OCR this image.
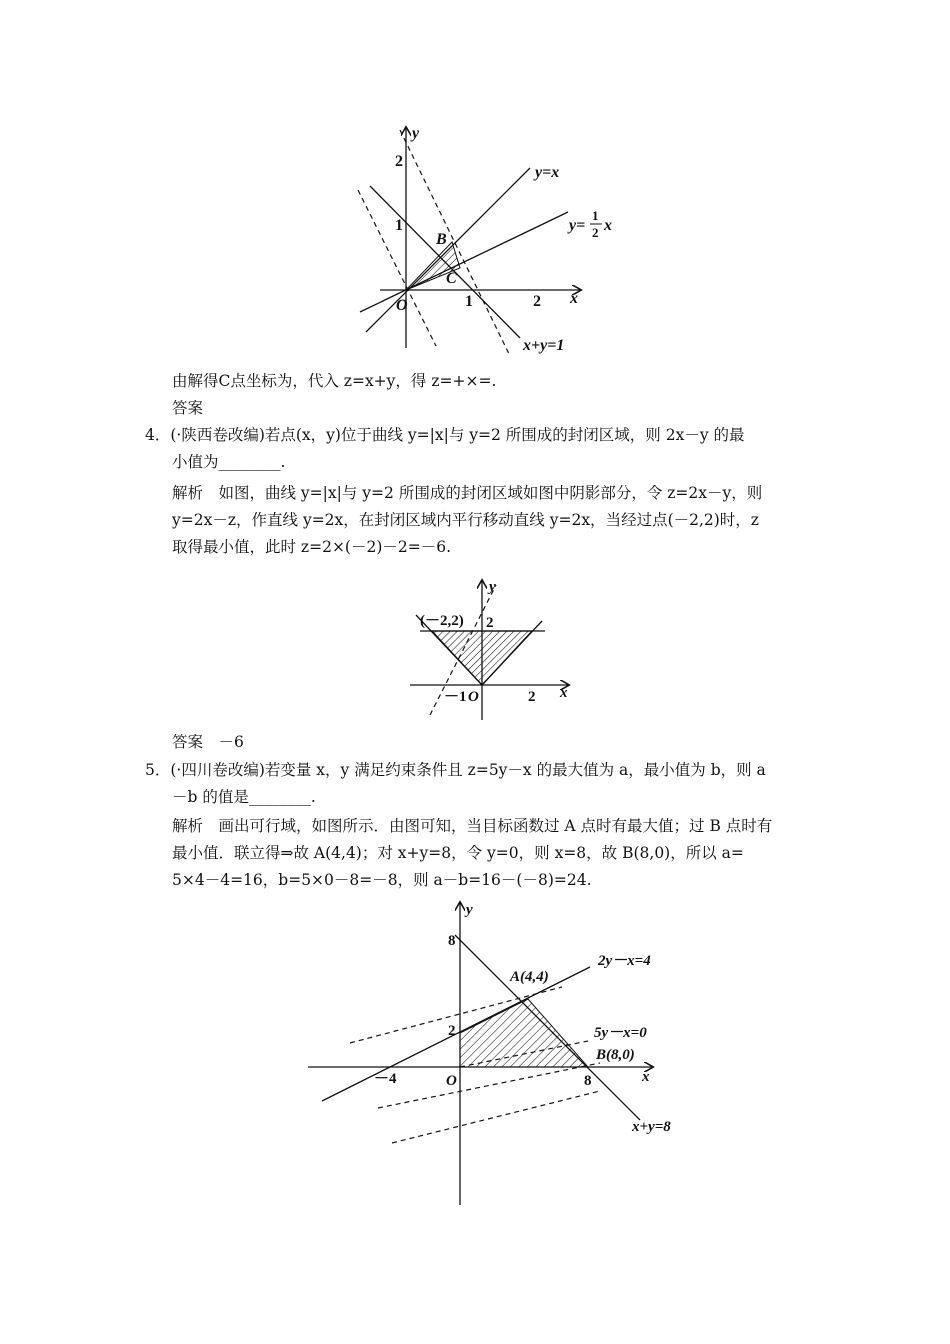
y
2
1
O	1	2 x
B
C
y=x
y=
1
2 x
x+y=1
由解得C点坐标为，代入 z=x+y，得 z=+×=.
答案
4．(·陕西卷改编)若点(x，y)位于曲线 y=|x|与 y=2 所围成的封闭区域，则 2x－y 的最
小值为________.
解析　如图，曲线 y=|x|与 y=2 所围成的封闭区域如图中阴影部分，令 z=2x－y，则
y=2x－z，作直线 y=2x，在封闭区域内平行移动直线 y=2x，当经过点(－2,2)时，z
取得最小值，此时 z=2×(－2)－2=－6.
y
(－2,2) 2
－1 O	2 x
答案　－6
5．(·四川卷改编)若变量 x，y 满足约束条件且 z=5y－x 的最大值为 a，最小值为 b，则 a
－b 的值是________.
解析　画出可行域，如图所示．由图可知，当目标函数过 A 点时有最大值；过 B 点时有
最小值．联立得⇒故 A(4,4)；对 x+y=8，令 y=0，则 x=8，故 B(8,0)，所以 a=
5×4－4=16，b=5×0－8=－8，则 a－b=16－(－8)=24.
y
8
2
－4	O	8	x
A(4,4)
B(8,0)
2y－x=4
5y－x=0
x+y=8
